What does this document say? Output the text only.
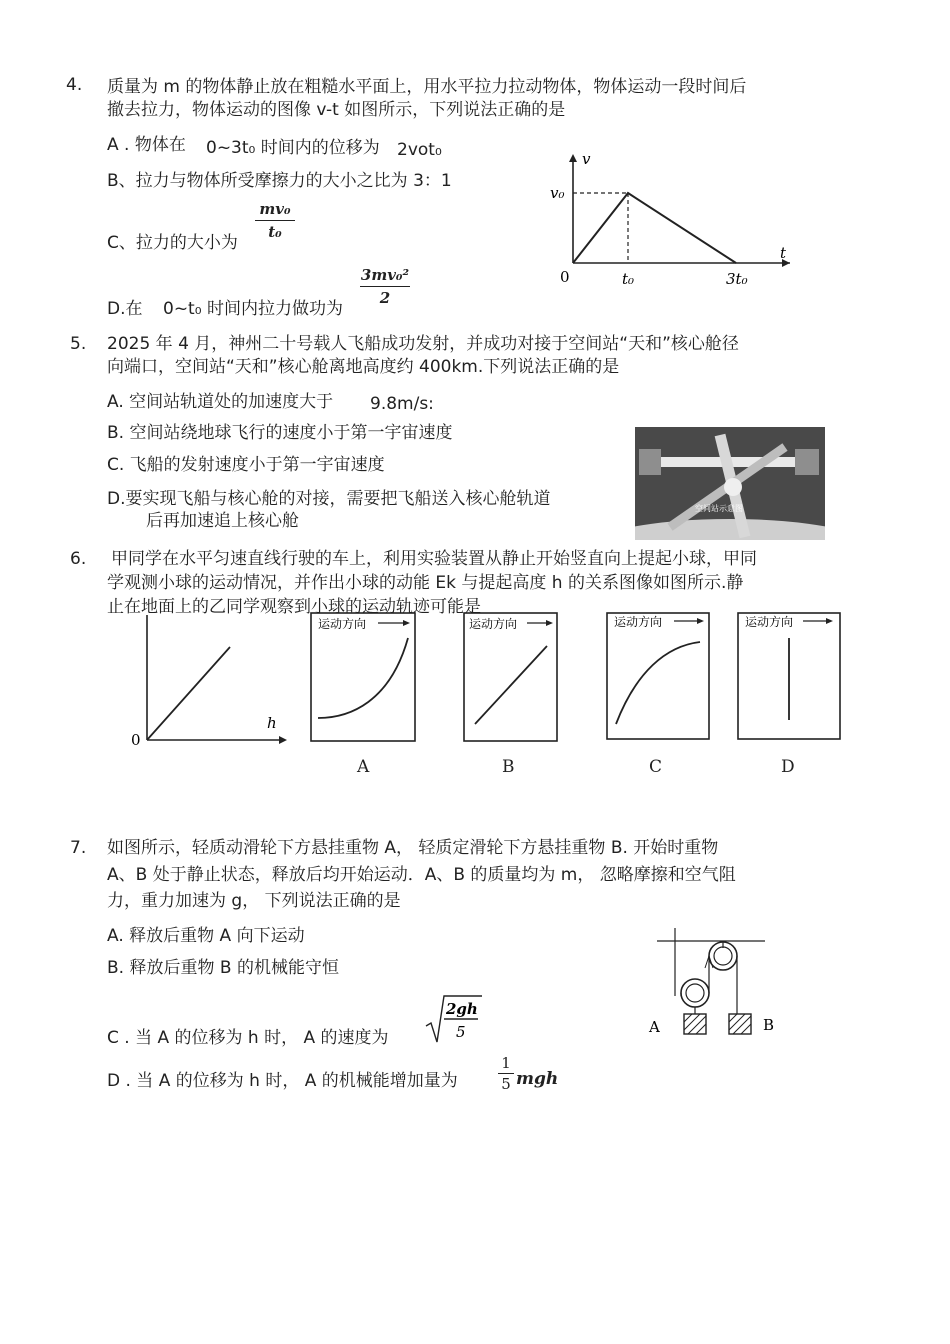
4. 质量为 m 的物体静止放在粗糙水平面上，用水平拉力拉动物体，物体运动一段时间后
撤去拉力，物体运动的图像 v-t 如图所示，下列说法正确的是
A . 物体在 0~3t₀ 时间内的位移为 2vot₀
B、拉力与物体所受摩擦力的大小之比为 3：1
C、拉力的大小为
mv₀
t₀
D.在 0~t₀ 时间内拉力做功为
3mv₀²
2
v
t
v₀
0	t₀	3t₀
5. 2025 年 4 月，神州二十号载人飞船成功发射，并成功对接于空间站“天和”核心舱径
向端口，空间站“天和”核心舱离地高度约 400km.下列说法正确的是
A. 空间站轨道处的加速度大于 9.8m/s:
B. 空间站绕地球飞行的速度小于第一宇宙速度
C. 飞船的发射速度小于第一宇宙速度
D.要实现飞船与核心舱的对接，需要把飞船送入核心舱轨道
后再加速追上核心舱
空间站示意图
6. 甲同学在水平匀速直线行驶的车上，利用实验装置从静止开始竖直向上提起小球，甲同
学观测小球的运动情况，并作出小球的动能 Ek 与提起高度 h 的关系图像如图所示.静
止在地面上的乙同学观察到小球的运动轨迹可能是
0
h
运动方向	运动方向	运动方向	运动方向
A	B	C	D
7. 如图所示，轻质动滑轮下方悬挂重物 A， 轻质定滑轮下方悬挂重物 B. 开始时重物
A、B 处于静止状态，释放后均开始运动．A、B 的质量均为 m， 忽略摩擦和空气阻
力，重力加速为 g， 下列说法正确的是
A. 释放后重物 A 向下运动
B. 释放后重物 B 的机械能守恒
C . 当 A 的位移为 h 时， A 的速度为
2gh
5
D . 当 A 的位移为 h 时， A 的机械能增加量为
1
5 mgh
A	B
